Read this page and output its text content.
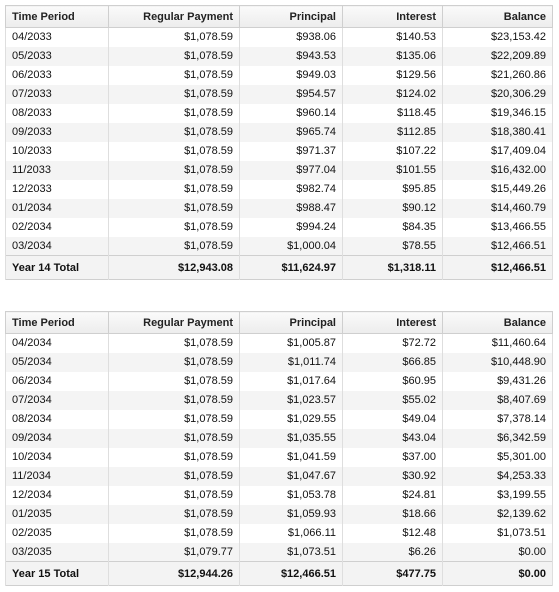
Time Period	Regular Payment	Principal	Interest	Balance
04/2033	$1,078.59	$938.06	$140.53	$23,153.42
05/2033	$1,078.59	$943.53	$135.06	$22,209.89
06/2033	$1,078.59	$949.03	$129.56	$21,260.86
07/2033	$1,078.59	$954.57	$124.02	$20,306.29
08/2033	$1,078.59	$960.14	$118.45	$19,346.15
09/2033	$1,078.59	$965.74	$112.85	$18,380.41
10/2033	$1,078.59	$971.37	$107.22	$17,409.04
11/2033	$1,078.59	$977.04	$101.55	$16,432.00
12/2033	$1,078.59	$982.74	$95.85	$15,449.26
01/2034	$1,078.59	$988.47	$90.12	$14,460.79
02/2034	$1,078.59	$994.24	$84.35	$13,466.55
03/2034	$1,078.59	$1,000.04	$78.55	$12,466.51
Year 14 Total	$12,943.08	$11,624.97	$1,318.11	$12,466.51
Time Period	Regular Payment	Principal	Interest	Balance
04/2034	$1,078.59	$1,005.87	$72.72	$11,460.64
05/2034	$1,078.59	$1,011.74	$66.85	$10,448.90
06/2034	$1,078.59	$1,017.64	$60.95	$9,431.26
07/2034	$1,078.59	$1,023.57	$55.02	$8,407.69
08/2034	$1,078.59	$1,029.55	$49.04	$7,378.14
09/2034	$1,078.59	$1,035.55	$43.04	$6,342.59
10/2034	$1,078.59	$1,041.59	$37.00	$5,301.00
11/2034	$1,078.59	$1,047.67	$30.92	$4,253.33
12/2034	$1,078.59	$1,053.78	$24.81	$3,199.55
01/2035	$1,078.59	$1,059.93	$18.66	$2,139.62
02/2035	$1,078.59	$1,066.11	$12.48	$1,073.51
03/2035	$1,079.77	$1,073.51	$6.26	$0.00
Year 15 Total	$12,944.26	$12,466.51	$477.75	$0.00
